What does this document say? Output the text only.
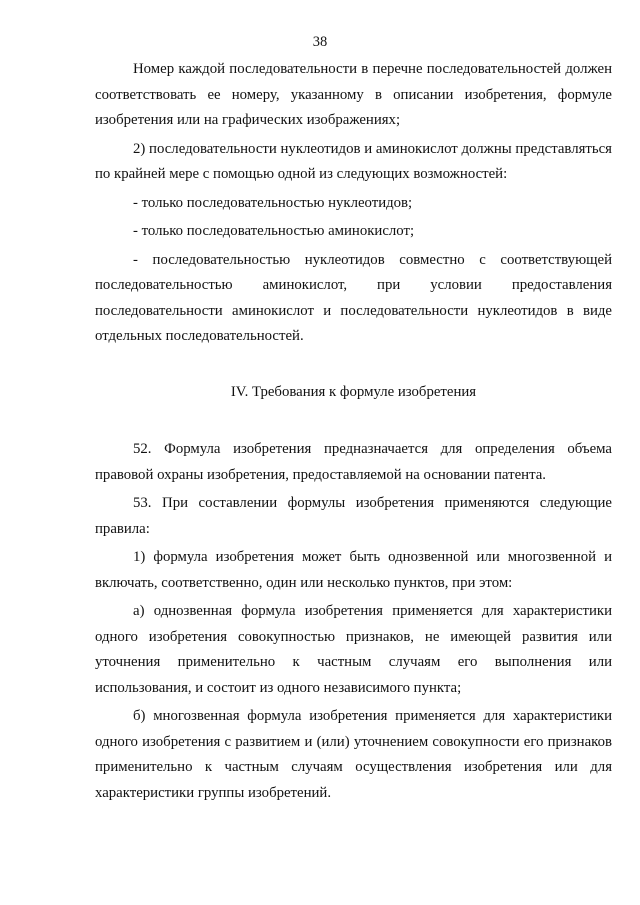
38

Номер каждой последовательности в перечне последовательностей должен соответствовать ее номеру, указанному в описании изобретения, формуле изобретения или на графических изображениях;

2) последовательности нуклеотидов и аминокислот должны представляться по крайней мере с помощью одной из следующих возможностей:

- только последовательностью нуклеотидов;

- только последовательностью аминокислот;

- последовательностью нуклеотидов совместно с соответствующей последовательностью аминокислот, при условии предоставления последовательности аминокислот и последовательности нуклеотидов в виде отдельных последовательностей.

IV. Требования к формуле изобретения

52. Формула изобретения предназначается для определения объема правовой охраны изобретения, предоставляемой на основании патента.

53. При составлении формулы изобретения применяются следующие правила:

1) формула изобретения может быть однозвенной или многозвенной и включать, соответственно, один или несколько пунктов, при этом:

а) однозвенная формула изобретения применяется для характеристики одного изобретения совокупностью признаков, не имеющей развития или уточнения применительно к частным случаям его выполнения или использования, и состоит из одного независимого пункта;

б) многозвенная формула изобретения применяется для характеристики одного изобретения с развитием и (или) уточнением совокупности его признаков применительно к частным случаям осуществления изобретения или для характеристики группы изобретений.
